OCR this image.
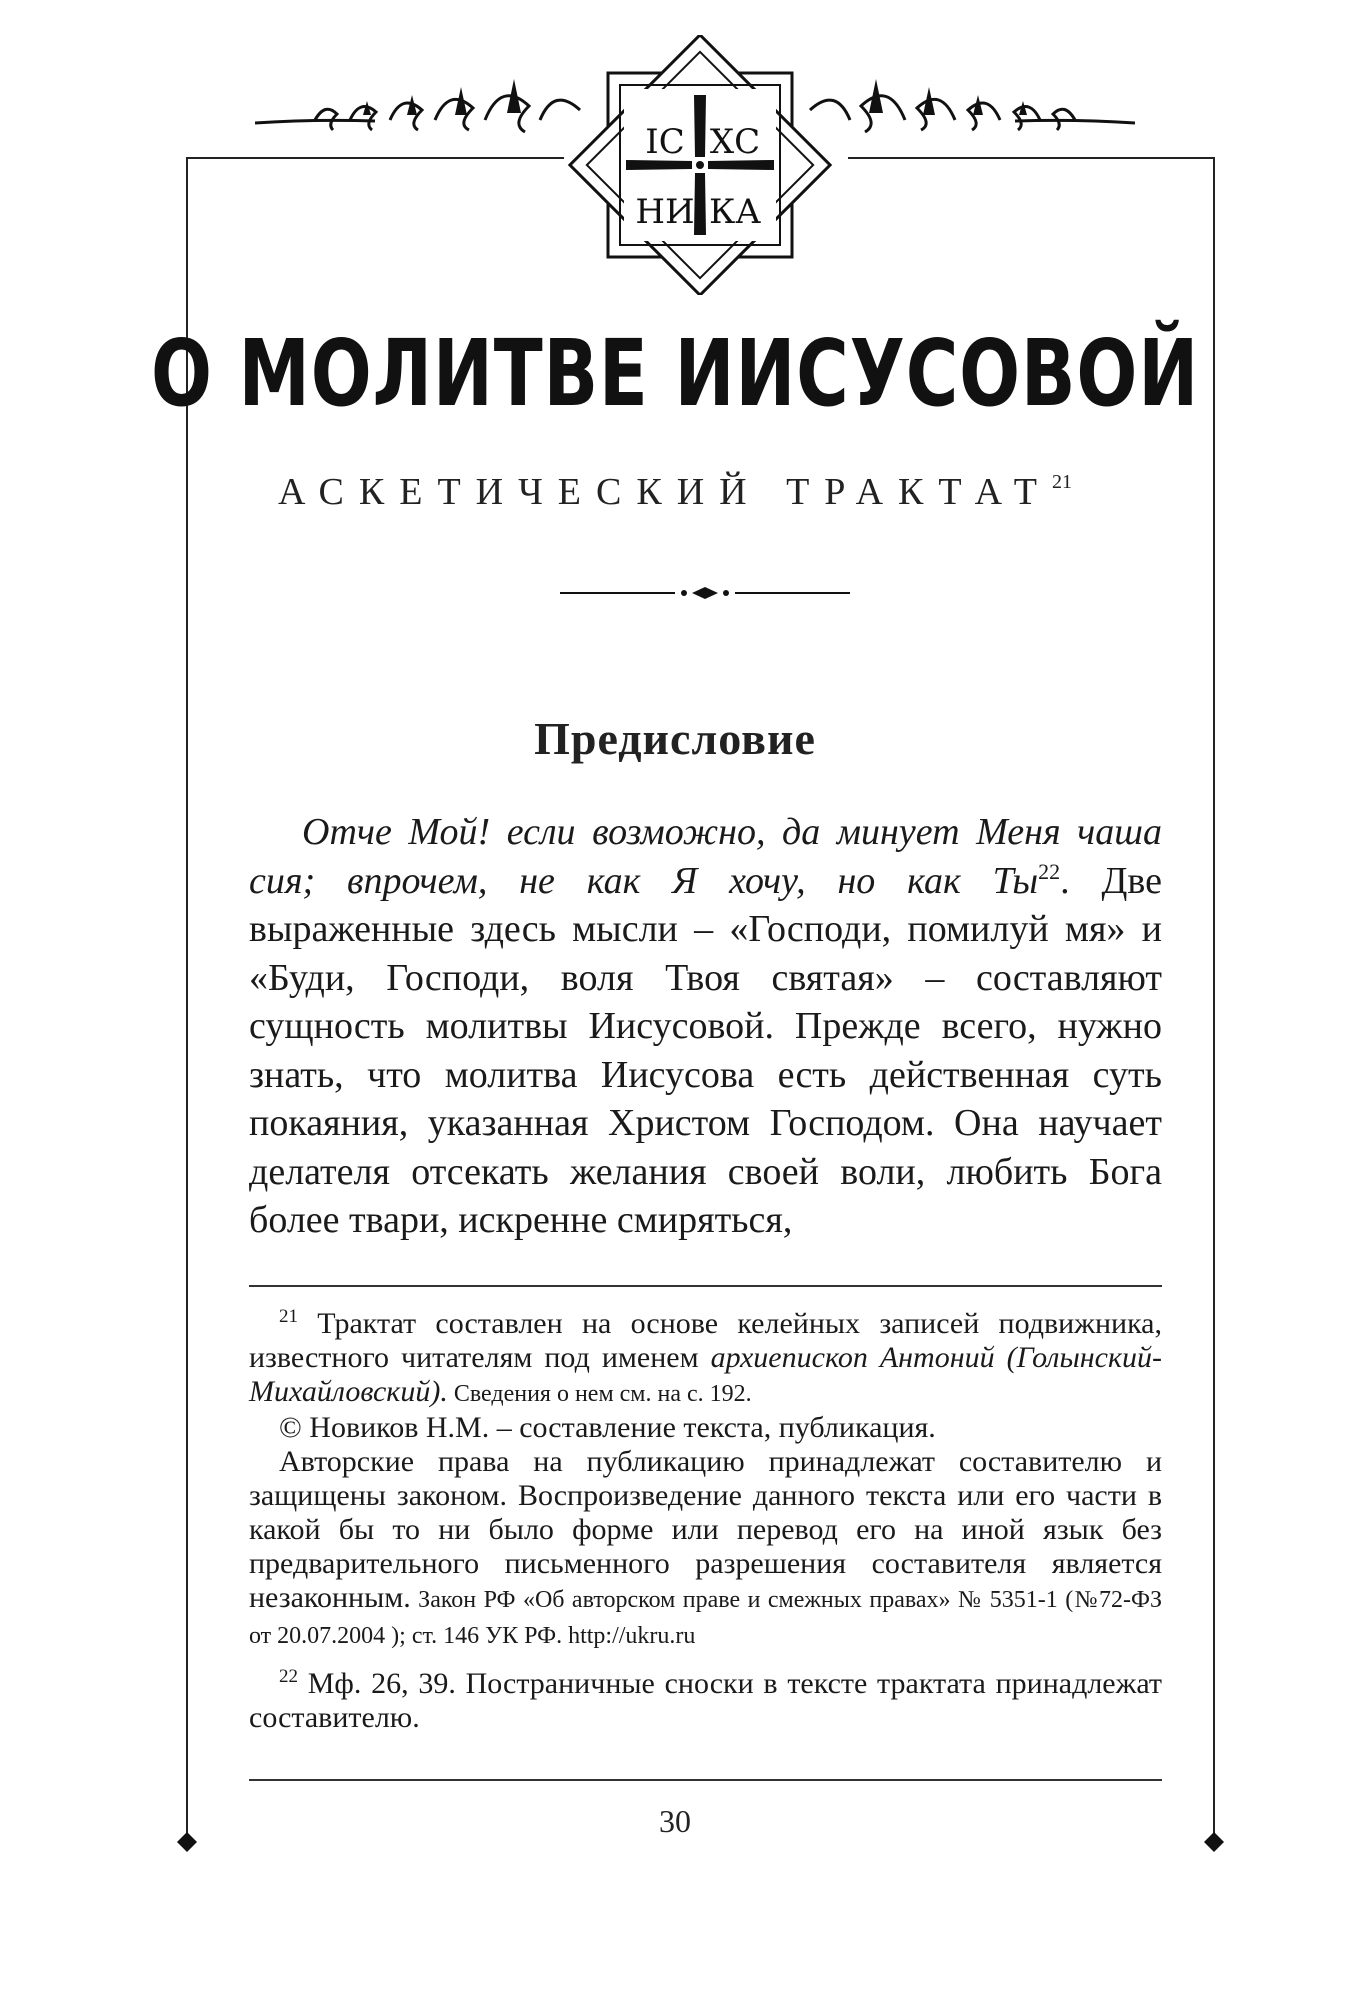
ІС ХС
НИ КА
О МОЛИТВЕ ИИСУСОВОЙ
АСКЕТИЧЕСКИЙ ТРАКТАТ$^{21}$
Предисловие

Отче Мой! если возможно, да минует Меня чаша сия; впрочем, не как Я хочу, но как $Ты^{22}$. Две выраженные здесь мысли – «Господи, помилуй мя» и «Буди, Господи, воля Твоя святая» – составляют сущность молитвы Иисусовой. Прежде всего, нужно знать, что молитва Иисусова есть действенная суть покаяния, указанная Христом Господом. Она научает делателя отсекать желания своей воли, любить Бога более твари, искренне смиряться,

$^{21}$ Трактат составлен на основе келейных записей подвижника, известного читателям под именем архиепископ Антоний (Голынский-Михайловский). Сведения о нем см. на с. 192.

© Новиков Н.М. – составление текста, публикация.

Авторские права на публикацию принадлежат составителю и защищены законом. Воспроизведение данного текста или его части в какой бы то ни было форме или перевод его на иной язык без предварительного письменного разрешения составителя является незаконным. Закон РФ «Об авторском праве и смежных правах» № 5351-1 (№72-ФЗ от 20.07.2004 ); ст. 146 УК РФ. http://ukru.ru

$^{22}$ Мф. 26, 39. Постраничные сноски в тексте трактата принадлежат составителю.

30
